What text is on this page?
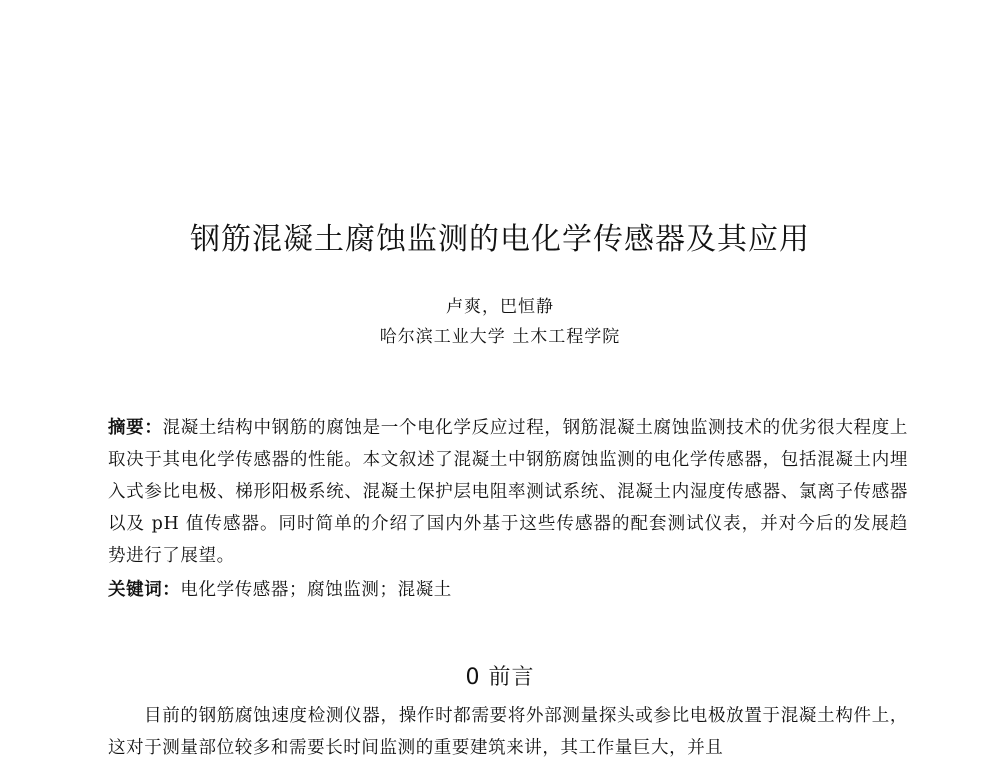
钢筋混凝土腐蚀监测的电化学传感器及其应用
卢爽，巴恒静
哈尔滨工业大学 土木工程学院

摘要：混凝土结构中钢筋的腐蚀是一个电化学反应过程，钢筋混凝土腐蚀监测技术的优劣很大程度上取决于其电化学传感器的性能。本文叙述了混凝土中钢筋腐蚀监测的电化学传感器，包括混凝土内埋入式参比电极、梯形阳极系统、混凝土保护层电阻率测试系统、混凝土内湿度传感器、氯离子传感器以及 pH 值传感器。同时简单的介绍了国内外基于这些传感器的配套测试仪表，并对今后的发展趋势进行了展望。

关键词：电化学传感器；腐蚀监测；混凝土

0 前言

目前的钢筋腐蚀速度检测仪器，操作时都需要将外部测量探头或参比电极放置于混凝土构件上，这对于测量部位较多和需要长时间监测的重要建筑来讲，其工作量巨大，并且
